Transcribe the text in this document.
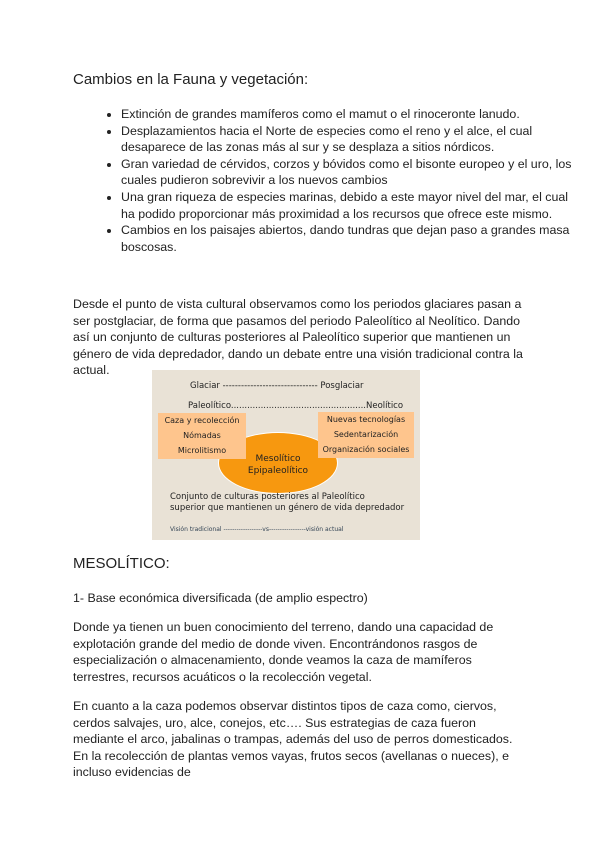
Cambios en la Fauna y vegetación:
• Extinción de grandes mamíferos como el mamut o el rinoceronte lanudo.
• Desplazamientos hacia el Norte de especies como el reno y el alce, el cual desaparece de las zonas más al sur y se desplaza a sitios nórdicos.
• Gran variedad de cérvidos, corzos y bóvidos como el bisonte europeo y el uro, los cuales pudieron sobrevivir a los nuevos cambios
• Una gran riqueza de especies marinas, debido a este mayor nivel del mar, el cual ha podido proporcionar más proximidad a los recursos que ofrece este mismo.
• Cambios en los paisajes abiertos, dando tundras que dejan paso a grandes masa boscosas.

Desde el punto de vista cultural observamos como los periodos glaciares pasan a ser postglaciar, de forma que pasamos del periodo Paleolítico al Neolítico. Dando así un conjunto de culturas posteriores al Paleolítico superior que mantienen un género de vida depredador, dando un debate entre una visión tradicional contra la actual.

Glaciar ------------------------------- Posglaciar
Paleolítico..................................................Neolítico
Mesolítico
Epipaleolítico
Caza y recolección
Nómadas
Microlitismo
Nuevas tecnologías
Sedentarización
Organización sociales
Conjunto de culturas posteriores al Paleolítico
superior que mantienen un género de vida depredador
Visión tradicional ------------------vs-----------------visión actual
MESOLÍTICO:

1- Base económica diversificada (de amplio espectro)

Donde ya tienen un buen conocimiento del terreno, dando una capacidad de explotación grande del medio de donde viven. Encontrándonos rasgos de especialización o almacenamiento, donde veamos la caza de mamíferos terrestres, recursos acuáticos o la recolección vegetal.

En cuanto a la caza podemos observar distintos tipos de caza como, ciervos, cerdos salvajes, uro, alce, conejos, etc…. Sus estrategias de caza fueron mediante el arco, jabalinas o trampas, además del uso de perros domesticados. En la recolección de plantas vemos vayas, frutos secos (avellanas o nueces), e incluso evidencias de
